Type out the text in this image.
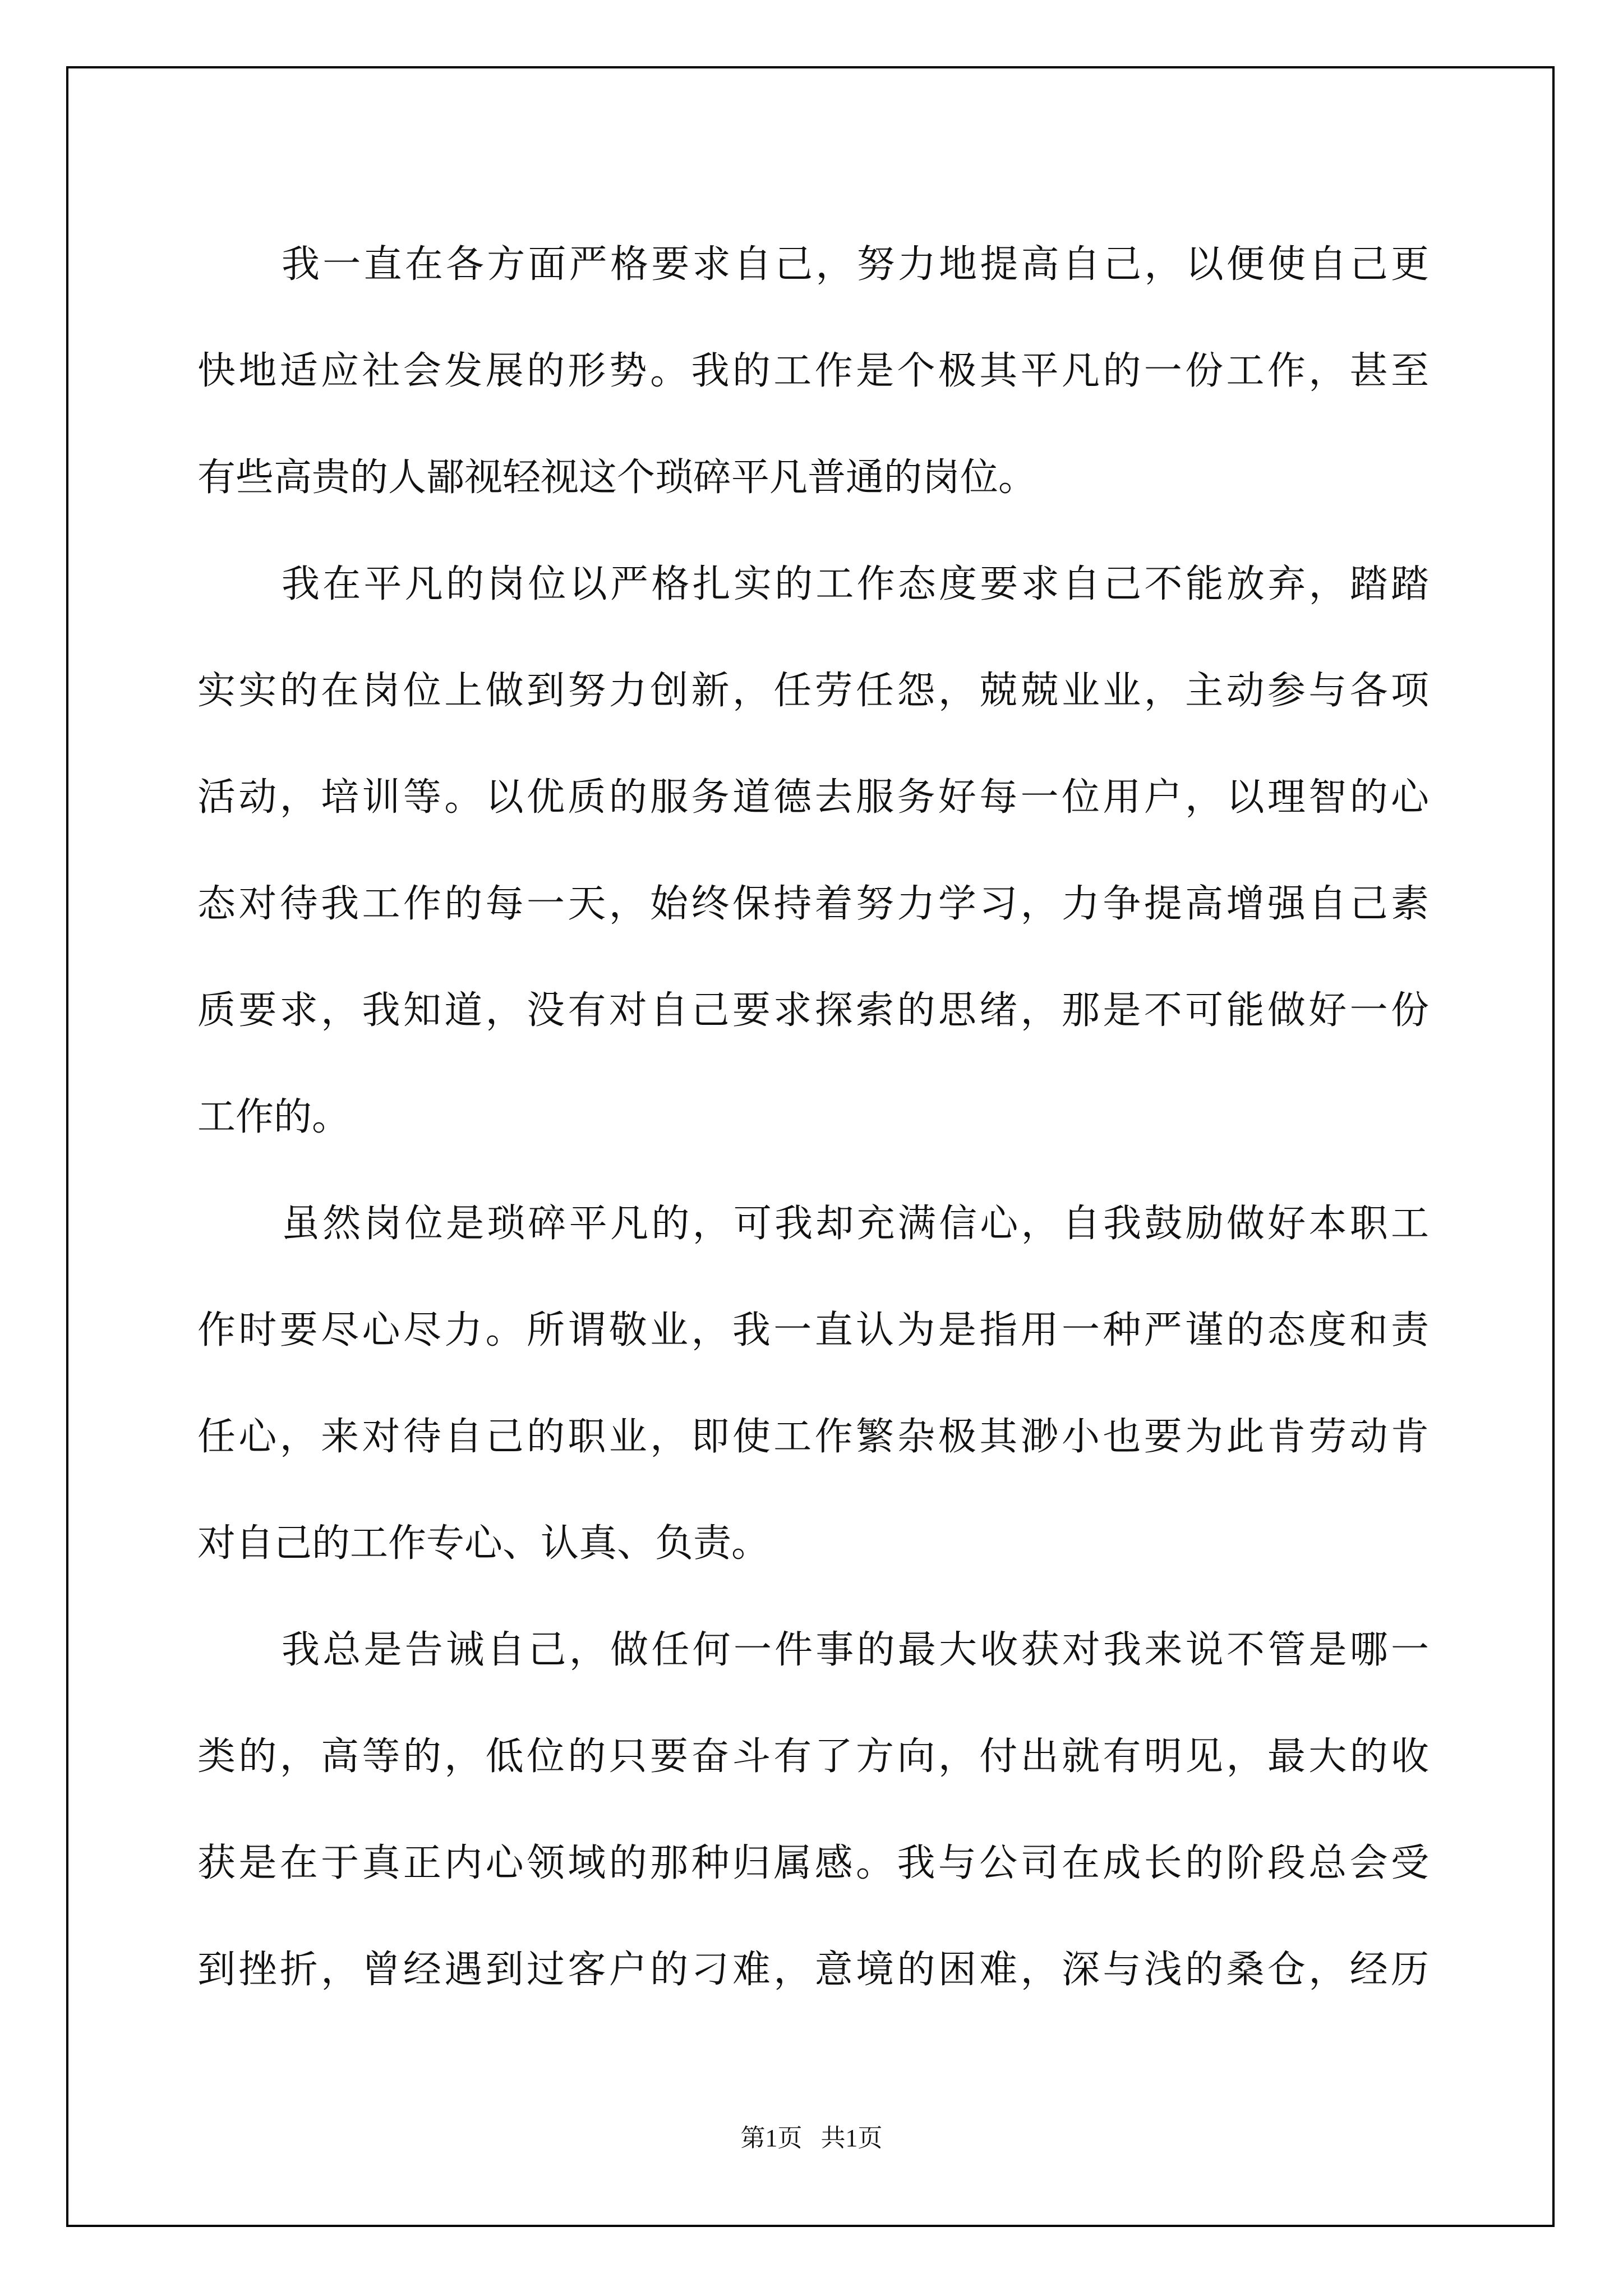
我一直在各方面严格要求自己，努力地提高自己，以便使自己更
快地适应社会发展的形势。我的工作是个极其平凡的一份工作，甚至
有些高贵的人鄙视轻视这个琐碎平凡普通的岗位。
我在平凡的岗位以严格扎实的工作态度要求自己不能放弃，踏踏
实实的在岗位上做到努力创新，任劳任怨，兢兢业业，主动参与各项
活动，培训等。以优质的服务道德去服务好每一位用户，以理智的心
态对待我工作的每一天，始终保持着努力学习，力争提高增强自己素
质要求，我知道，没有对自己要求探索的思绪，那是不可能做好一份
工作的。
虽然岗位是琐碎平凡的，可我却充满信心，自我鼓励做好本职工
作时要尽心尽力。所谓敬业，我一直认为是指用一种严谨的态度和责
任心，来对待自己的职业，即使工作繁杂极其渺小也要为此肯劳动肯
对自己的工作专心、认真、负责。
我总是告诫自己，做任何一件事的最大收获对我来说不管是哪一
类的，高等的，低位的只要奋斗有了方向，付出就有明见，最大的收
获是在于真正内心领域的那种归属感。我与公司在成长的阶段总会受
到挫折，曾经遇到过客户的刁难，意境的困难，深与浅的桑仓，经历
第1页   共1页
